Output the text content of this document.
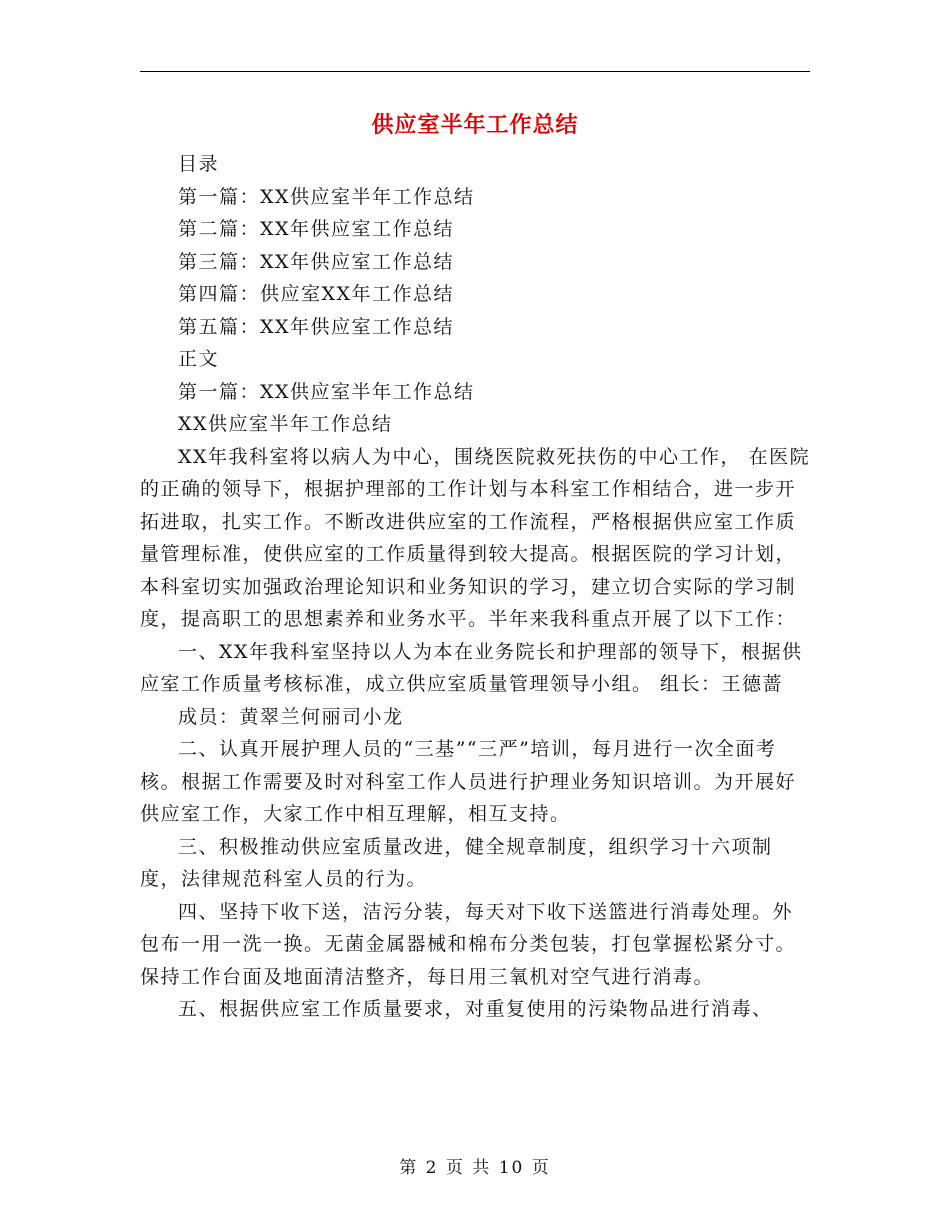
供应室半年工作总结

目录

第一篇：XX供应室半年工作总结

第二篇：XX年供应室工作总结

第三篇：XX年供应室工作总结

第四篇：供应室XX年工作总结

第五篇：XX年供应室工作总结

正文

第一篇：XX供应室半年工作总结

XX供应室半年工作总结

XX年我科室将以病人为中心，围绕医院救死扶伤的中心工作， 在医院的正确的领导下，根据护理部的工作计划与本科室工作相结合，进一步开拓进取，扎实工作。不断改进供应室的工作流程，严格根据供应室工作质量管理标准，使供应室的工作质量得到较大提高。根据医院的学习计划，本科室切实加强政治理论知识和业务知识的学习，建立切合实际的学习制度，提高职工的思想素养和业务水平。半年来我科重点开展了以下工作：

一、XX年我科室坚持以人为本在业务院长和护理部的领导下，根据供应室工作质量考核标准，成立供应室质量管理领导小组。 组长：王德蔷

成员：黄翠兰何丽司小龙

二、认真开展护理人员的“三基”“三严”培训，每月进行一次全面考核。根据工作需要及时对科室工作人员进行护理业务知识培训。为开展好供应室工作，大家工作中相互理解，相互支持。

三、积极推动供应室质量改进，健全规章制度，组织学习十六项制度，法律规范科室人员的行为。

四、坚持下收下送，洁污分装，每天对下收下送篮进行消毒处理。外包布一用一洗一换。无菌金属器械和棉布分类包装，打包掌握松紧分寸。保持工作台面及地面清洁整齐，每日用三氧机对空气进行消毒。

五、根据供应室工作质量要求，对重复使用的污染物品进行消毒、

第 2 页 共 10 页
